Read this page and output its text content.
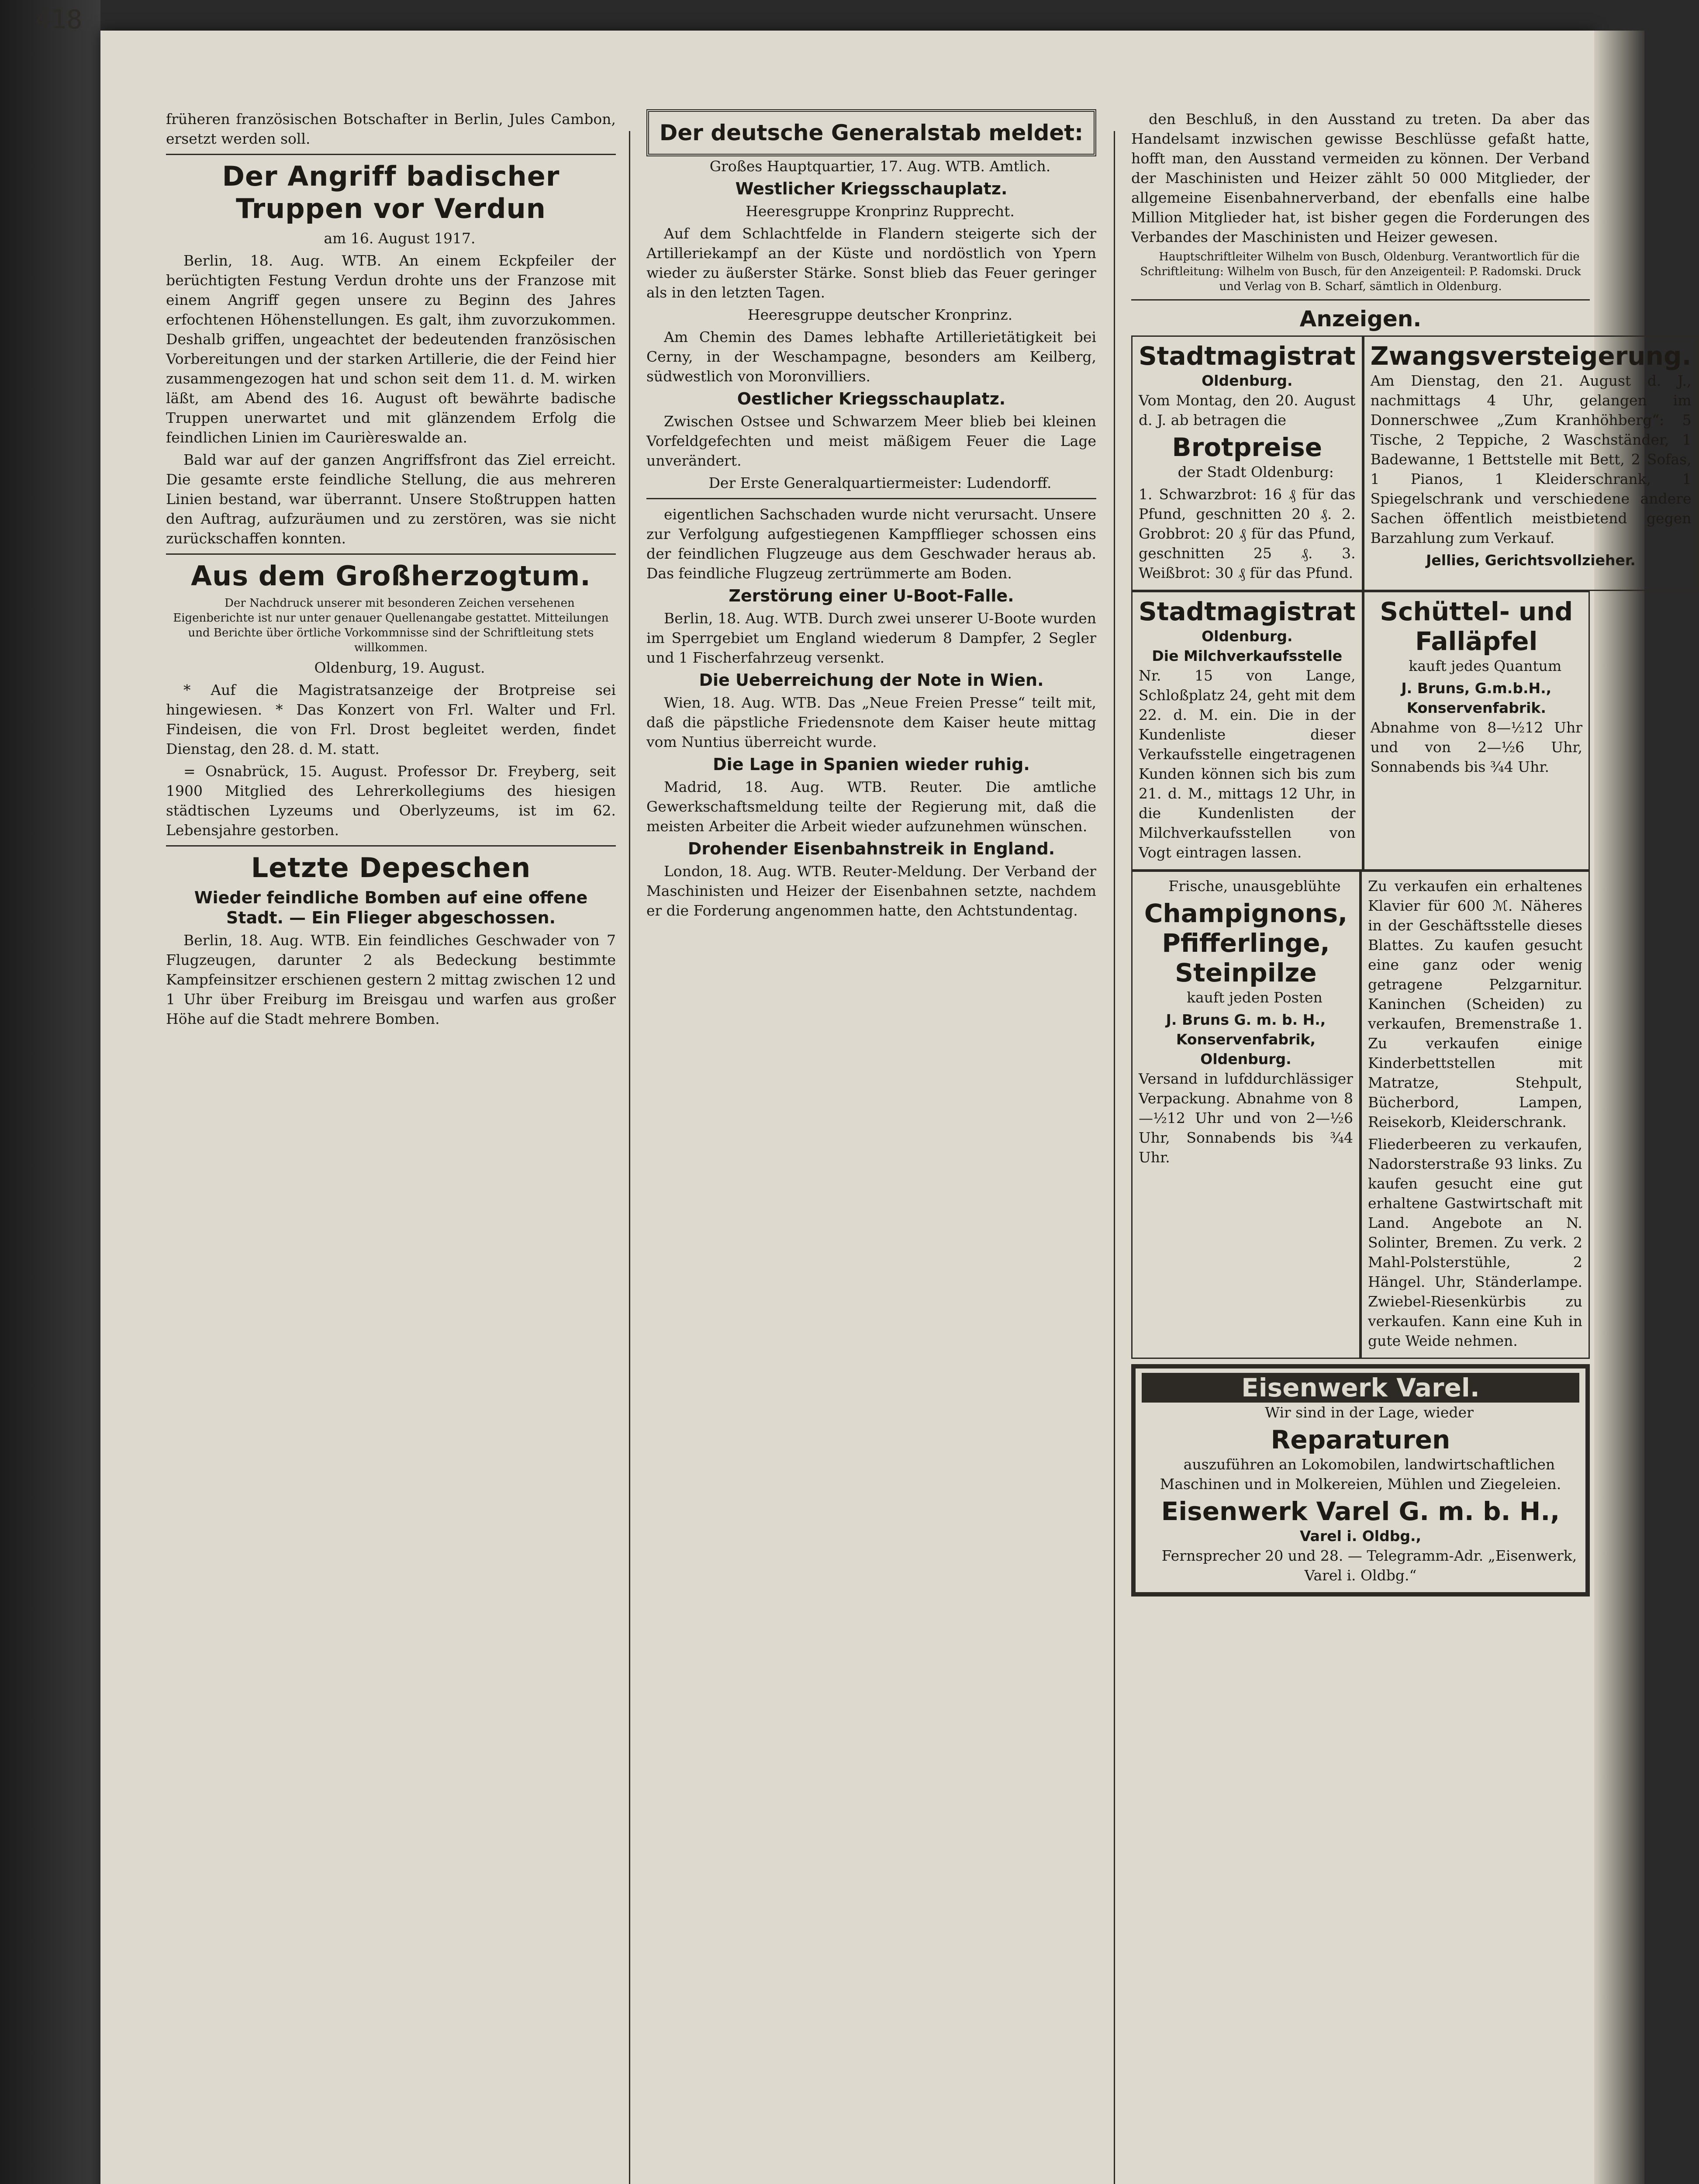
418

früheren französischen Botschafter in Berlin, Jules Cambon, ersetzt werden soll.

Der Angriff badischer Truppen vor Verdun

am 16. August 1917.

Berlin, 18. Aug. WTB. An einem Eckpfeiler der berüchtigten Festung Verdun drohte uns der Franzose mit einem Angriff gegen unsere zu Beginn des Jahres erfochtenen Höhenstellungen. Es galt, ihm zuvorzukommen. Deshalb griffen, ungeachtet der bedeutenden französischen Vorbereitungen und der starken Artillerie, die der Feind hier zusammengezogen hat und schon seit dem 11. d. M. wirken läßt, am Abend des 16. August oft bewährte badische Truppen unerwartet und mit glänzendem Erfolg die feindlichen Linien im Caurièreswalde an.

Bald war auf der ganzen Angriffsfront das Ziel erreicht. Die gesamte erste feindliche Stellung, die aus mehreren Linien bestand, war überrannt. Unsere Stoßtruppen hatten den Auftrag, aufzuräumen und zu zerstören, was sie nicht zurückschaffen konnten.

Aus dem Großherzogtum.

Der Nachdruck unserer mit besonderen Zeichen versehenen Eigenberichte ist nur unter genauer Quellenangabe gestattet. Mitteilungen und Berichte über örtliche Vorkommnisse sind der Schriftleitung stets willkommen.

Oldenburg, 19. August.

* Auf die Magistratsanzeige der Brotpreise sei hingewiesen. * Das Konzert von Frl. Walter und Frl. Findeisen, die von Frl. Drost begleitet werden, findet Dienstag, den 28. d. M. statt.

= Osnabrück, 15. August. Professor Dr. Freyberg, seit 1900 Mitglied des Lehrerkollegiums des hiesigen städtischen Lyzeums und Oberlyzeums, ist im 62. Lebensjahre gestorben.

Letzte Depeschen
Wieder feindliche Bomben auf eine offene Stadt. — Ein Flieger abgeschossen.

Berlin, 18. Aug. WTB. Ein feindliches Geschwader von 7 Flugzeugen, darunter 2 als Bedeckung bestimmte Kampfeinsitzer erschienen gestern 2 mittag zwischen 12 und 1 Uhr über Freiburg im Breisgau und warfen aus großer Höhe auf die Stadt mehrere Bomben.

Der deutsche Generalstab meldet:

Großes Hauptquartier, 17. Aug. WTB. Amtlich.

Westlicher Kriegsschauplatz.

Heeresgruppe Kronprinz Rupprecht.

Auf dem Schlachtfelde in Flandern steigerte sich der Artilleriekampf an der Küste und nordöstlich von Ypern wieder zu äußerster Stärke. Sonst blieb das Feuer geringer als in den letzten Tagen.

Heeresgruppe deutscher Kronprinz.

Am Chemin des Dames lebhafte Artillerietätigkeit bei Cerny, in der Weschampagne, besonders am Keilberg, südwestlich von Moronvilliers.

Oestlicher Kriegsschauplatz.

Zwischen Ostsee und Schwarzem Meer blieb bei kleinen Vorfeldgefechten und meist mäßigem Feuer die Lage unverändert.

Der Erste Generalquartiermeister: Ludendorff.

eigentlichen Sachschaden wurde nicht verursacht. Unsere zur Verfolgung aufgestiegenen Kampfflieger schossen eins der feindlichen Flugzeuge aus dem Geschwader heraus ab. Das feindliche Flugzeug zertrümmerte am Boden.

Zerstörung einer U-Boot-Falle.

Berlin, 18. Aug. WTB. Durch zwei unserer U-Boote wurden im Sperrgebiet um England wiederum 8 Dampfer, 2 Segler und 1 Fischerfahrzeug versenkt.

Die Ueberreichung der Note in Wien.

Wien, 18. Aug. WTB. Das „Neue Freien Presse“ teilt mit, daß die päpstliche Friedensnote dem Kaiser heute mittag vom Nuntius überreicht wurde.

Die Lage in Spanien wieder ruhig.

Madrid, 18. Aug. WTB. Reuter. Die amtliche Gewerkschaftsmeldung teilte der Regierung mit, daß die meisten Arbeiter die Arbeit wieder aufzunehmen wünschen.

Drohender Eisenbahnstreik in England.

London, 18. Aug. WTB. Reuter-Meldung. Der Verband der Maschinisten und Heizer der Eisenbahnen setzte, nachdem er die Forderung angenommen hatte, den Achtstundentag.

den Beschluß, in den Ausstand zu treten. Da aber das Handelsamt inzwischen gewisse Beschlüsse gefaßt hatte, hofft man, den Ausstand vermeiden zu können. Der Verband der Maschinisten und Heizer zählt 50 000 Mitglieder, der allgemeine Eisenbahnerverband, der ebenfalls eine halbe Million Mitglieder hat, ist bisher gegen die Forderungen des Verbandes der Maschinisten und Heizer gewesen.

Hauptschriftleiter Wilhelm von Busch, Oldenburg. Verantwortlich für die Schriftleitung: Wilhelm von Busch, für den Anzeigenteil: P. Radomski. Druck und Verlag von B. Scharf, sämtlich in Oldenburg.

Anzeigen.
Stadtmagistrat
Oldenburg.

Vom Montag, den 20. August d. J. ab betragen die

Brotpreise

der Stadt Oldenburg:

1. Schwarzbrot: 16 ₰ für das Pfund, geschnitten 20 ₰. 2. Grobbrot: 20 ₰ für das Pfund, geschnitten 25 ₰. 3. Weißbrot: 30 ₰ für das Pfund.

Zwangsversteigerung.

Am Dienstag, den 21. August d. J., nachmittags 4 Uhr, gelangen im Donnerschwee „Zum Kranhöhberg“: 5 Tische, 2 Teppiche, 2 Waschständer, 1 Badewanne, 1 Bettstelle mit Bett, 2 Sofas, 1 Pianos, 1 Kleiderschrank, 1 Spiegelschrank und verschiedene andere Sachen öffentlich meistbietend gegen Barzahlung zum Verkauf.

Jellies, Gerichtsvollzieher.
Stadtmagistrat
Oldenburg.
Die Milchverkaufsstelle

Nr. 15 von Lange, Schloßplatz 24, geht mit dem 22. d. M. ein. Die in der Kundenliste dieser Verkaufsstelle eingetragenen Kunden können sich bis zum 21. d. M., mittags 12 Uhr, in die Kundenlisten der Milchverkaufsstellen von Vogt eintragen lassen.

Schüttel- und Falläpfel

kauft jedes Quantum

J. Bruns, G.m.b.H., Konservenfabrik.

Abnahme von 8—½12 Uhr und von 2—½6 Uhr, Sonnabends bis ¾4 Uhr.

Frische, unausgeblühte

Champignons, Pfifferlinge, Steinpilze

kauft jeden Posten

J. Bruns G. m. b. H., Konservenfabrik, Oldenburg.

Versand in lufddurchlässiger Verpackung. Abnahme von 8—½12 Uhr und von 2—½6 Uhr, Sonnabends bis ¾4 Uhr.

Zu verkaufen ein erhaltenes Klavier für 600 ℳ. Näheres in der Geschäftsstelle dieses Blattes. Zu kaufen gesucht eine ganz oder wenig getragene Pelzgarnitur. Kaninchen (Scheiden) zu verkaufen, Bremenstraße 1. Zu verkaufen einige Kinderbettstellen mit Matratze, Stehpult, Bücherbord, Lampen, Reisekorb, Kleiderschrank.

Fliederbeeren zu verkaufen, Nadorsterstraße 93 links. Zu kaufen gesucht eine gut erhaltene Gastwirtschaft mit Land. Angebote an N. Solinter, Bremen. Zu verk. 2 Mahl-Polsterstühle, 2 Hängel. Uhr, Ständerlampe. Zwiebel-Riesenkürbis zu verkaufen. Kann eine Kuh in gute Weide nehmen.

Eisenwerk Varel.

Wir sind in der Lage, wieder

Reparaturen

auszuführen an Lokomobilen, landwirtschaftlichen Maschinen und in Molkereien, Mühlen und Ziegeleien.

Eisenwerk Varel G. m. b. H.,
Varel i. Oldbg.,

Fernsprecher 20 und 28. — Telegramm-Adr. „Eisenwerk, Varel i. Oldbg.“
